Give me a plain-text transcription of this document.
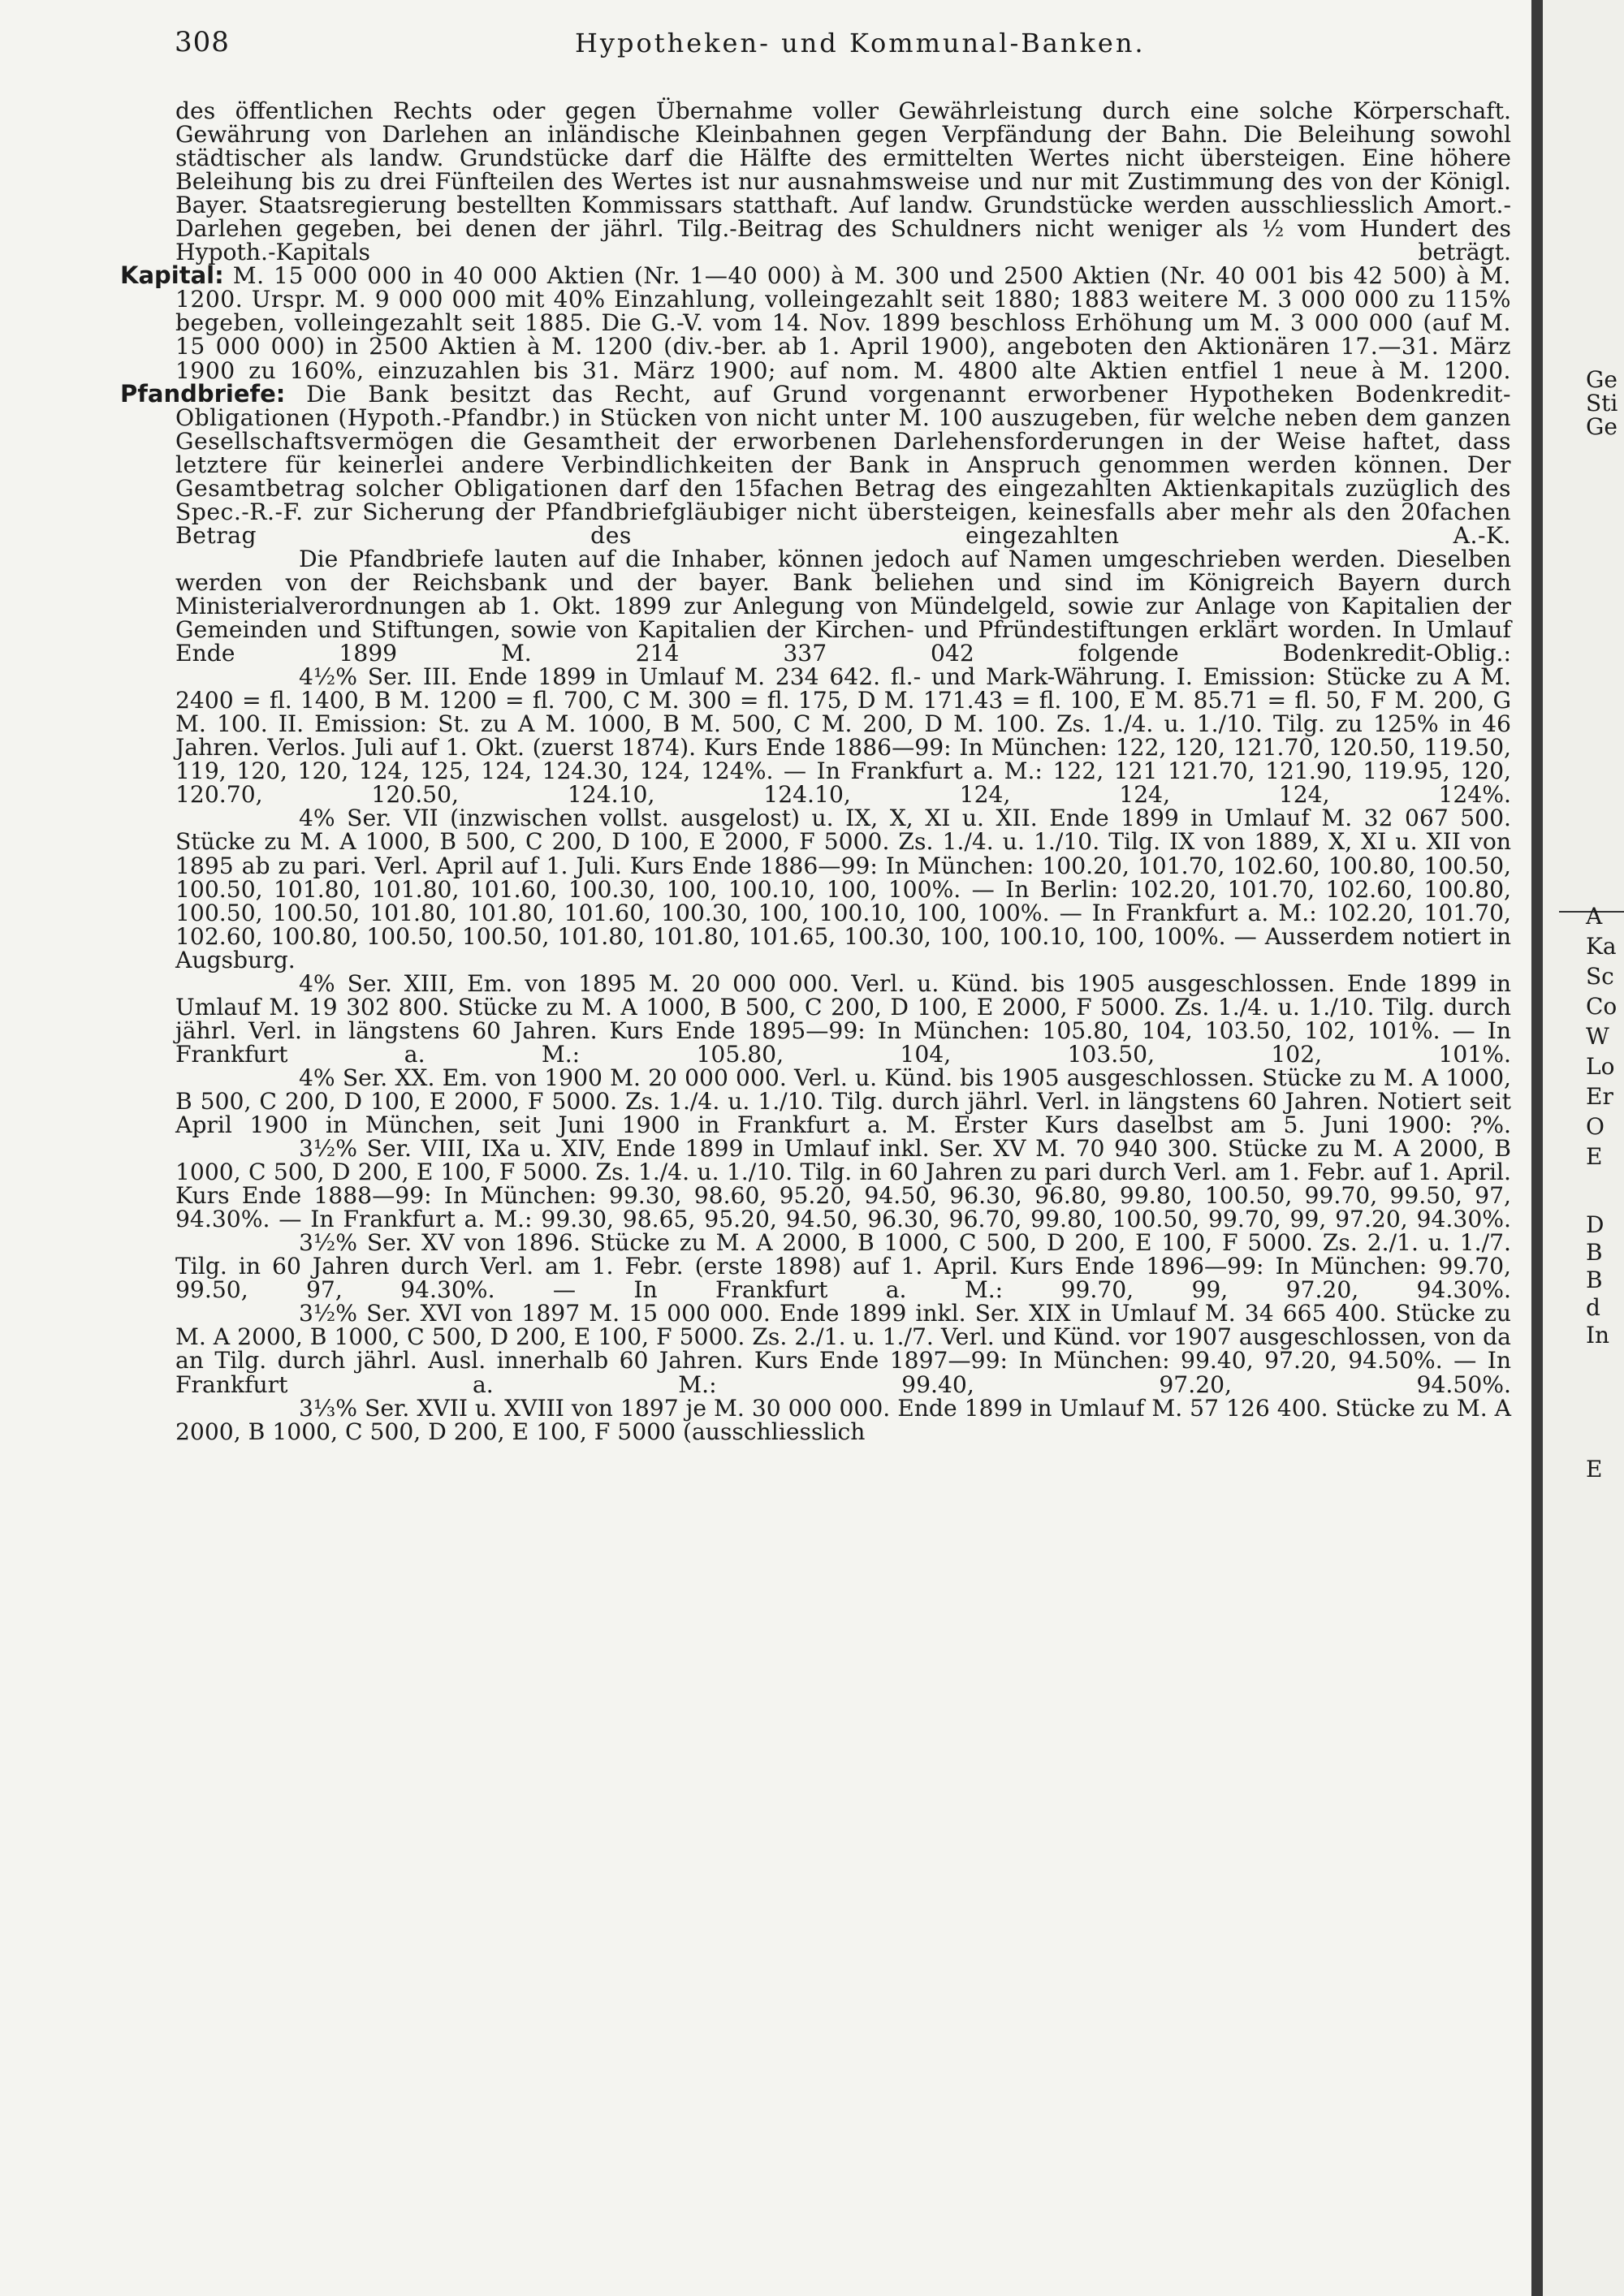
308	Hypotheken- und Kommunal-Banken.

des öffentlichen Rechts oder gegen Übernahme voller Gewährleistung durch eine solche Körperschaft. Gewährung von Darlehen an inländische Kleinbahnen gegen Verpfändung der Bahn. Die Beleihung sowohl städtischer als landw. Grundstücke darf die Hälfte des ermittelten Wertes nicht übersteigen. Eine höhere Beleihung bis zu drei Fünfteilen des Wertes ist nur ausnahmsweise und nur mit Zustimmung des von der Königl. Bayer. Staatsregierung bestellten Kommissars statthaft. Auf landw. Grundstücke werden ausschliesslich Amort.-Darlehen gegeben, bei denen der jährl. Tilg.-Beitrag des Schuldners nicht weniger als ½ vom Hundert des Hypoth.-Kapitals beträgt.

Kapital: M. 15 000 000 in 40 000 Aktien (Nr. 1—40 000) à M. 300 und 2500 Aktien (Nr. 40 001 bis 42 500) à M. 1200. Urspr. M. 9 000 000 mit 40% Einzahlung, volleingezahlt seit 1880; 1883 weitere M. 3 000 000 zu 115% begeben, volleingezahlt seit 1885. Die G.-V. vom 14. Nov. 1899 beschloss Erhöhung um M. 3 000 000 (auf M. 15 000 000) in 2500 Aktien à M. 1200 (div.-ber. ab 1. April 1900), angeboten den Aktionären 17.—31. März 1900 zu 160%, einzuzahlen bis 31. März 1900; auf nom. M. 4800 alte Aktien entfiel 1 neue à M. 1200.

Pfandbriefe: Die Bank besitzt das Recht, auf Grund vorgenannt erworbener Hypotheken Bodenkredit-Obligationen (Hypoth.-Pfandbr.) in Stücken von nicht unter M. 100 auszugeben, für welche neben dem ganzen Gesellschaftsvermögen die Gesamtheit der erworbenen Darlehensforderungen in der Weise haftet, dass letztere für keinerlei andere Verbindlichkeiten der Bank in Anspruch genommen werden können. Der Gesamtbetrag solcher Obligationen darf den 15fachen Betrag des eingezahlten Aktienkapitals zuzüglich des Spec.-R.-F. zur Sicherung der Pfandbriefgläubiger nicht übersteigen, keinesfalls aber mehr als den 20fachen Betrag des eingezahlten A.-K.

Die Pfandbriefe lauten auf die Inhaber, können jedoch auf Namen umgeschrieben werden. Dieselben werden von der Reichsbank und der bayer. Bank beliehen und sind im Königreich Bayern durch Ministerialverordnungen ab 1. Okt. 1899 zur Anlegung von Mündelgeld, sowie zur Anlage von Kapitalien der Gemeinden und Stiftungen, sowie von Kapitalien der Kirchen- und Pfründestiftungen erklärt worden. In Umlauf Ende 1899 M. 214 337 042 folgende Bodenkredit-Oblig.:

4½% Ser. III. Ende 1899 in Umlauf M. 234 642. fl.- und Mark-Währung. I. Emission: Stücke zu A M. 2400 = fl. 1400, B M. 1200 = fl. 700, C M. 300 = fl. 175, D M. 171.43 = fl. 100, E M. 85.71 = fl. 50, F M. 200, G M. 100. II. Emission: St. zu A M. 1000, B M. 500, C M. 200, D M. 100. Zs. 1./4. u. 1./10. Tilg. zu 125% in 46 Jahren. Verlos. Juli auf 1. Okt. (zuerst 1874). Kurs Ende 1886—99: In München: 122, 120, 121.70, 120.50, 119.50, 119, 120, 120, 124, 125, 124, 124.30, 124, 124%. — In Frankfurt a. M.: 122, 121 121.70, 121.90, 119.95, 120, 120.70, 120.50, 124.10, 124.10, 124, 124, 124, 124%.

4% Ser. VII (inzwischen vollst. ausgelost) u. IX, X, XI u. XII. Ende 1899 in Umlauf M. 32 067 500. Stücke zu M. A 1000, B 500, C 200, D 100, E 2000, F 5000. Zs. 1./4. u. 1./10. Tilg. IX von 1889, X, XI u. XII von 1895 ab zu pari. Verl. April auf 1. Juli. Kurs Ende 1886—99: In München: 100.20, 101.70, 102.60, 100.80, 100.50, 100.50, 101.80, 101.80, 101.60, 100.30, 100, 100.10, 100, 100%. — In Berlin: 102.20, 101.70, 102.60, 100.80, 100.50, 100.50, 101.80, 101.80, 101.60, 100.30, 100, 100.10, 100, 100%. — In Frankfurt a. M.: 102.20, 101.70, 102.60, 100.80, 100.50, 100.50, 101.80, 101.80, 101.65, 100.30, 100, 100.10, 100, 100%. — Ausserdem notiert in Augsburg.

4% Ser. XIII, Em. von 1895 M. 20 000 000. Verl. u. Künd. bis 1905 ausgeschlossen. Ende 1899 in Umlauf M. 19 302 800. Stücke zu M. A 1000, B 500, C 200, D 100, E 2000, F 5000. Zs. 1./4. u. 1./10. Tilg. durch jährl. Verl. in längstens 60 Jahren. Kurs Ende 1895—99: In München: 105.80, 104, 103.50, 102, 101%. — In Frankfurt a. M.: 105.80, 104, 103.50, 102, 101%.

4% Ser. XX. Em. von 1900 M. 20 000 000. Verl. u. Künd. bis 1905 ausgeschlossen. Stücke zu M. A 1000, B 500, C 200, D 100, E 2000, F 5000. Zs. 1./4. u. 1./10. Tilg. durch jährl. Verl. in längstens 60 Jahren. Notiert seit April 1900 in München, seit Juni 1900 in Frankfurt a. M. Erster Kurs daselbst am 5. Juni 1900: ?%.

3½% Ser. VIII, IXa u. XIV, Ende 1899 in Umlauf inkl. Ser. XV M. 70 940 300. Stücke zu M. A 2000, B 1000, C 500, D 200, E 100, F 5000. Zs. 1./4. u. 1./10. Tilg. in 60 Jahren zu pari durch Verl. am 1. Febr. auf 1. April. Kurs Ende 1888—99: In München: 99.30, 98.60, 95.20, 94.50, 96.30, 96.80, 99.80, 100.50, 99.70, 99.50, 97, 94.30%. — In Frankfurt a. M.: 99.30, 98.65, 95.20, 94.50, 96.30, 96.70, 99.80, 100.50, 99.70, 99, 97.20, 94.30%.

3½% Ser. XV von 1896. Stücke zu M. A 2000, B 1000, C 500, D 200, E 100, F 5000. Zs. 2./1. u. 1./7. Tilg. in 60 Jahren durch Verl. am 1. Febr. (erste 1898) auf 1. April. Kurs Ende 1896—99: In München: 99.70, 99.50, 97, 94.30%. — In Frankfurt a. M.: 99.70, 99, 97.20, 94.30%.

3½% Ser. XVI von 1897 M. 15 000 000. Ende 1899 inkl. Ser. XIX in Umlauf M. 34 665 400. Stücke zu M. A 2000, B 1000, C 500, D 200, E 100, F 5000. Zs. 2./1. u. 1./7. Verl. und Künd. vor 1907 ausgeschlossen, von da an Tilg. durch jährl. Ausl. innerhalb 60 Jahren. Kurs Ende 1897—99: In München: 99.40, 97.20, 94.50%. — In Frankfurt a. M.: 99.40, 97.20, 94.50%.

3⅓% Ser. XVII u. XVIII von 1897 je M. 30 000 000. Ende 1899 in Umlauf M. 57 126 400. Stücke zu M. A 2000, B 1000, C 500, D 200, E 100, F 5000 (ausschliesslich

Ge
Sti
Ge
A
Ka
Sc
Co
W
Lo
Er
O
E
D
B
B
d
In
E
